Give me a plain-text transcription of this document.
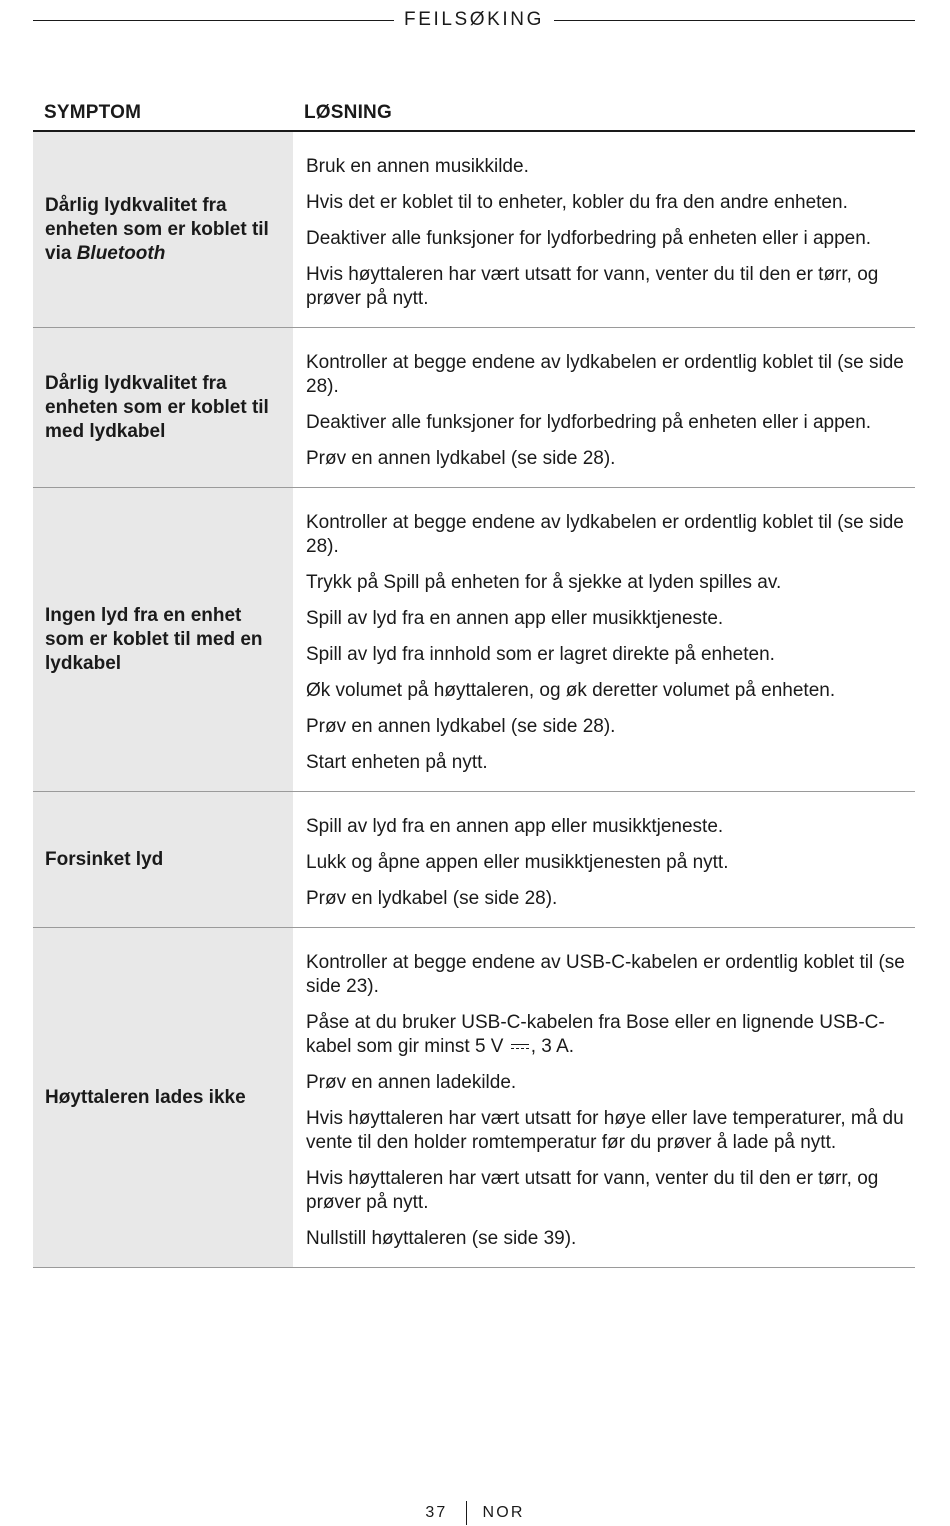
FEILSØKING
SYMPTOM	LØSNING
Dårlig lydkvalitet fra enheten som er koblet til via Bluetooth
Bruk en annen musikkilde.
Hvis det er koblet til to enheter, kobler du fra den andre enheten.
Deaktiver alle funksjoner for lydforbedring på enheten eller i appen.
Hvis høyttaleren har vært utsatt for vann, venter du til den er tørr, og prøver på nytt.
Dårlig lydkvalitet fra enheten som er koblet til med lydkabel
Kontroller at begge endene av lydkabelen er ordentlig koblet til (se side 28).
Deaktiver alle funksjoner for lydforbedring på enheten eller i appen.
Prøv en annen lydkabel (se side 28).
Ingen lyd fra en enhet som er koblet til med en lydkabel
Kontroller at begge endene av lydkabelen er ordentlig koblet til (se side 28).
Trykk på Spill på enheten for å sjekke at lyden spilles av.
Spill av lyd fra en annen app eller musikktjeneste.
Spill av lyd fra innhold som er lagret direkte på enheten.
Øk volumet på høyttaleren, og øk deretter volumet på enheten.
Prøv en annen lydkabel (se side 28).
Start enheten på nytt.
Forsinket lyd
Spill av lyd fra en annen app eller musikktjeneste.
Lukk og åpne appen eller musikktjenesten på nytt.
Prøv en lydkabel (se side 28).
Høyttaleren lades ikke
Kontroller at begge endene av USB-C-kabelen er ordentlig koblet til (se side 23).
Påse at du bruker USB-C-kabelen fra Bose eller en lignende USB-C-kabel som gir minst 5 V , 3 A.
Prøv en annen ladekilde.
Hvis høyttaleren har vært utsatt for høye eller lave temperaturer, må du vente til den holder romtemperatur før du prøver å lade på nytt.
Hvis høyttaleren har vært utsatt for vann, venter du til den er tørr, og prøver på nytt.
Nullstill høyttaleren (se side 39).
37 NOR
